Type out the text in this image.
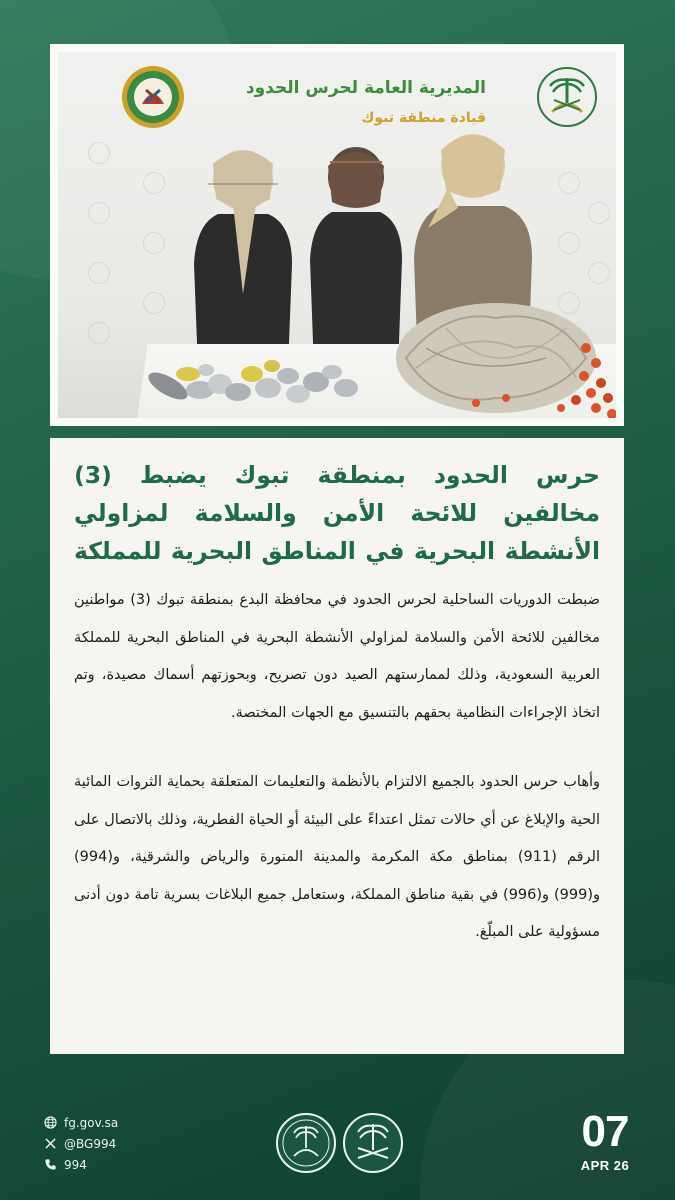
المديرية العامة لحرس الحدود
قيادة منطقة تبوك
حرس الحدود بمنطقة تبوك يضبط (3) مخالفين للائحة الأمن والسلامة لمزاولي الأنشطة البحرية في المناطق البحرية للمملكة
ضبطت الدوريات الساحلية لحرس الحدود في محافظة البدع بمنطقة تبوك (3) مواطنين مخالفين للائحة الأمن والسلامة لمزاولي الأنشطة البحرية في المناطق البحرية للمملكة العربية السعودية، وذلك لممارستهم الصيد دون تصريح، وبحوزتهم أسماك مصيدة، وتم اتخاذ الإجراءات النظامية بحقهم بالتنسيق مع الجهات المختصة.
وأهاب حرس الحدود بالجميع الالتزام بالأنظمة والتعليمات المتعلقة بحماية الثروات المائية الحية والإبلاغ عن أي حالات تمثل اعتداءً على البيئة أو الحياة الفطرية، وذلك بالاتصال على الرقم (911) بمناطق مكة المكرمة والمدينة المنورة والرياض والشرقية، و(994) و(999) و(996) في بقية مناطق المملكة، وستعامل جميع البلاغات بسرية تامة دون أدنى مسؤولية على المبلّغ.
fg.gov.sa
@BG994
994
07
APR 26
